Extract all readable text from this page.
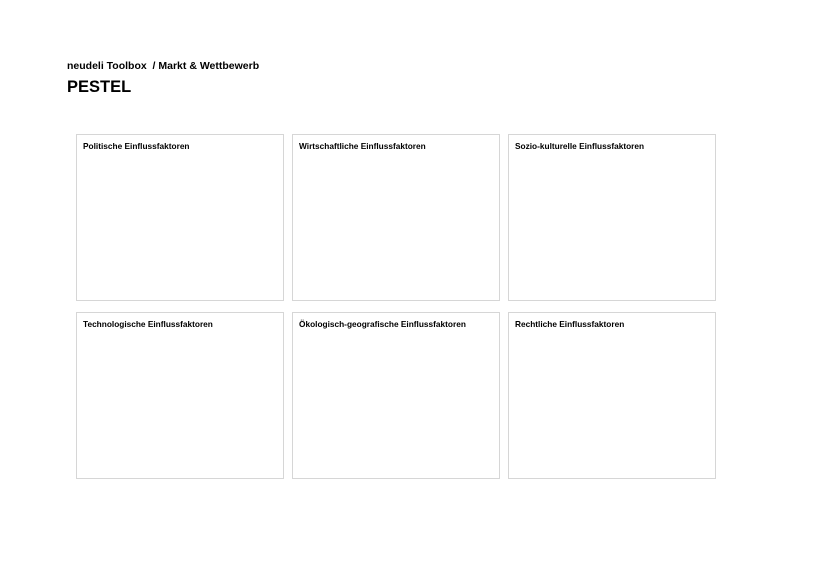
neudeli Toolbox  / Markt & Wettbewerb
PESTEL
Politische Einflussfaktoren	Wirtschaftliche Einflussfaktoren	Sozio-kulturelle Einflussfaktoren
Technologische Einflussfaktoren	Ökologisch-geografische Einflussfaktoren	Rechtliche Einflussfaktoren
